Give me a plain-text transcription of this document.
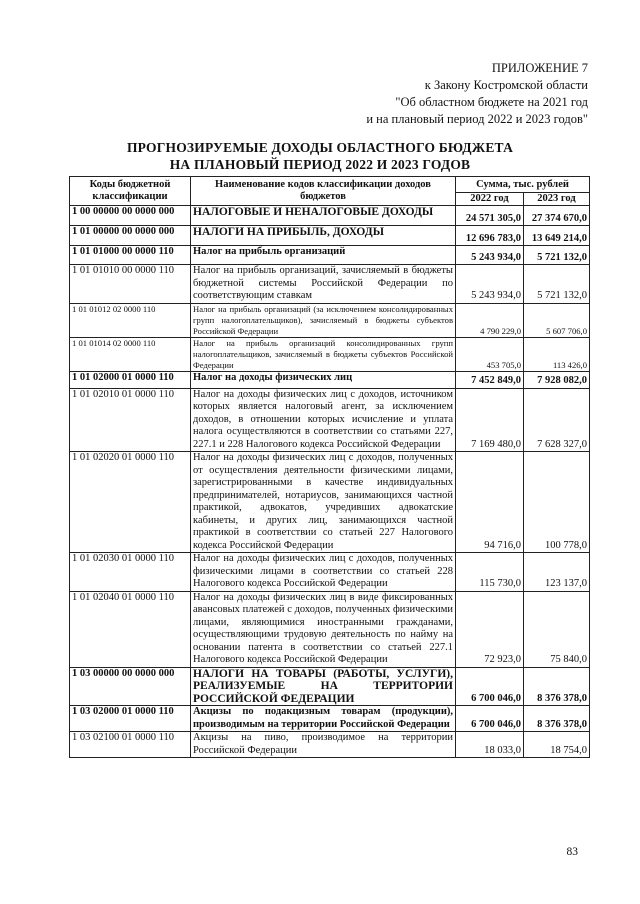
ПРИЛОЖЕНИЕ 7
к Закону Костромской области
"Об областном бюджете на 2021 год
и на плановый период 2022 и 2023 годов"
ПРОГНОЗИРУЕМЫЕ ДОХОДЫ ОБЛАСТНОГО БЮДЖЕТА
НА ПЛАНОВЫЙ ПЕРИОД 2022 И 2023 ГОДОВ
Коды бюджетной классификации	Наименование кодов классификации доходов бюджетов	Сумма, тыс. рублей	
		2022 год	2023 год
1 00 00000 00 0000 000	НАЛОГОВЫЕ И НЕНАЛОГОВЫЕ ДОХОДЫ	24 571 305,0	27 374 670,0
1 01 00000 00 0000 000	НАЛОГИ НА ПРИБЫЛЬ, ДОХОДЫ	12 696 783,0	13 649 214,0
1 01 01000 00 0000 110	Налог на прибыль организаций	5 243 934,0	5 721 132,0
1 01 01010 00 0000 110	Налог на прибыль организаций, зачисляемый в бюджеты бюджетной системы Российской Федерации по соответствующим ставкам	5 243 934,0	5 721 132,0
1 01 01012 02 0000 110	Налог на прибыль организаций (за исключением консолидированных групп налогоплательщиков), зачисляемый в бюджеты субъектов Российской Федерации	4 790 229,0	5 607 706,0
1 01 01014 02 0000 110	Налог на прибыль организаций консолидированных групп налогоплательщиков, зачисляемый в бюджеты субъектов Российской Федерации	453 705,0	113 426,0
1 01 02000 01 0000 110	Налог на доходы физических лиц	7 452 849,0	7 928 082,0
1 01 02010 01 0000 110	Налог на доходы физических лиц с доходов, источником которых является налоговый агент, за исключением доходов, в отношении которых исчисление и уплата налога осуществляются в соответствии со статьями 227, 227.1 и 228 Налогового кодекса Российской Федерации	7 169 480,0	7 628 327,0
1 01 02020 01 0000 110	Налог на доходы физических лиц с доходов, полученных от осуществления деятельности физическими лицами, зарегистрированными в качестве индивидуальных предпринимателей, нотариусов, занимающихся частной практикой, адвокатов, учредивших адвокатские кабинеты, и других лиц, занимающихся частной практикой в соответствии со статьей 227 Налогового кодекса Российской Федерации	94 716,0	100 778,0
1 01 02030 01 0000 110	Налог на доходы физических лиц с доходов, полученных физическими лицами в соответствии со статьей 228 Налогового кодекса Российской Федерации	115 730,0	123 137,0
1 01 02040 01 0000 110	Налог на доходы физических лиц в виде фиксированных авансовых платежей с доходов, полученных физическими лицами, являющимися иностранными гражданами, осуществляющими трудовую деятельность по найму на основании патента в соответствии со статьей 227.1 Налогового кодекса Российской Федерации	72 923,0	75 840,0
1 03 00000 00 0000 000	НАЛОГИ НА ТОВАРЫ (РАБОТЫ, УСЛУГИ), РЕАЛИЗУЕМЫЕ НА ТЕРРИТОРИИ РОССИЙСКОЙ ФЕДЕРАЦИИ	6 700 046,0	8 376 378,0
1 03 02000 01 0000 110	Акцизы по подакцизным товарам (продукции), производимым на территории Российской Федерации	6 700 046,0	8 376 378,0
1 03 02100 01 0000 110	Акцизы на пиво, производимое на территории Российской Федерации	18 033,0	18 754,0
83
